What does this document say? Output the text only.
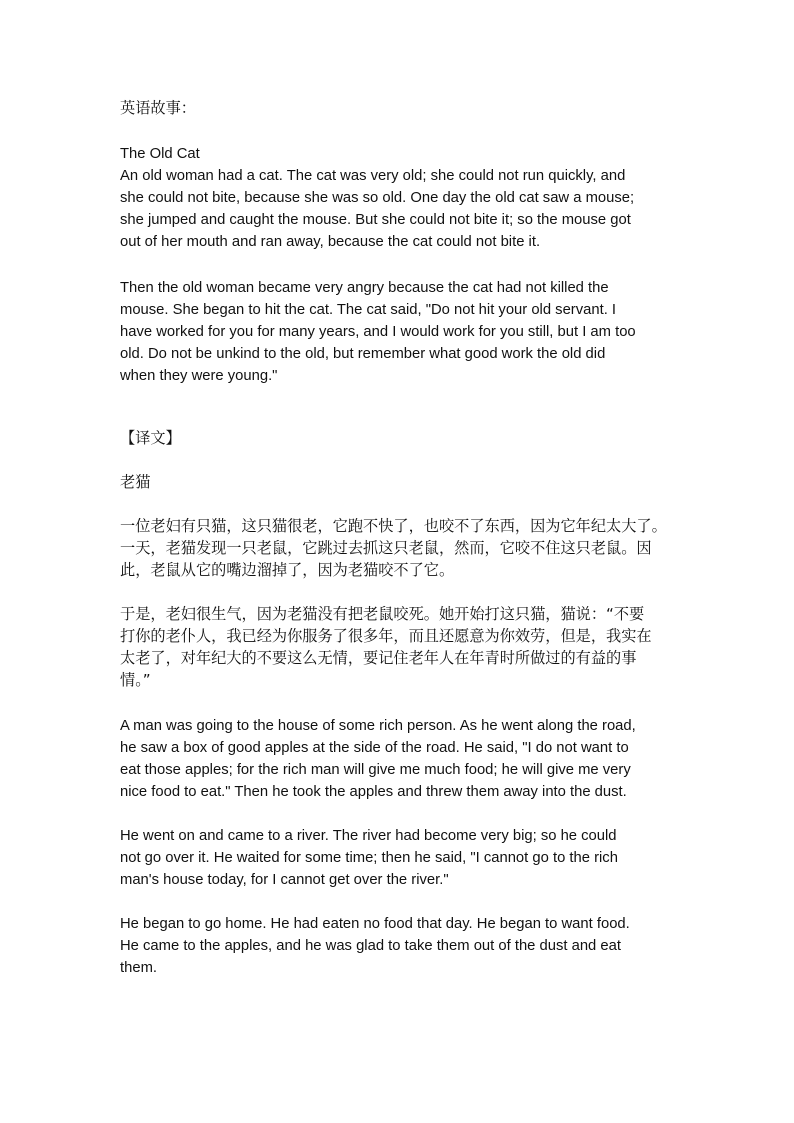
英语故事：
The Old Cat
An old woman had a cat. The cat was very old; she could not run quickly, and
she could not bite, because she was so old. One day the old cat saw a mouse;
she jumped and caught the mouse. But she could not bite it; so the mouse got
out of her mouth and ran away, because the cat could not bite it.
Then the old woman became very angry because the cat had not killed the
mouse. She began to hit the cat. The cat said, "Do not hit your old servant. I
have worked for you for many years, and I would work for you still, but I am too
old. Do not be unkind to the old, but remember what good work the old did
when they were young."
【译文】
老猫
一位老妇有只猫，这只猫很老，它跑不快了，也咬不了东西，因为它年纪太大了。
一天，老猫发现一只老鼠，它跳过去抓这只老鼠，然而，它咬不住这只老鼠。因
此，老鼠从它的嘴边溜掉了，因为老猫咬不了它。
于是，老妇很生气，因为老猫没有把老鼠咬死。她开始打这只猫，猫说：“不要
打你的老仆人，我已经为你服务了很多年，而且还愿意为你效劳，但是，我实在
太老了，对年纪大的不要这么无情，要记住老年人在年青时所做过的有益的事
情。”
A man was going to the house of some rich person. As he went along the road,
he saw a box of good apples at the side of the road. He said, "I do not want to
eat those apples; for the rich man will give me much food; he will give me very
nice food to eat." Then he took the apples and threw them away into the dust.
He went on and came to a river. The river had become very big; so he could
not go over it. He waited for some time; then he said, "I cannot go to the rich
man's house today, for I cannot get over the river."
He began to go home. He had eaten no food that day. He began to want food.
He came to the apples, and he was glad to take them out of the dust and eat
them.
